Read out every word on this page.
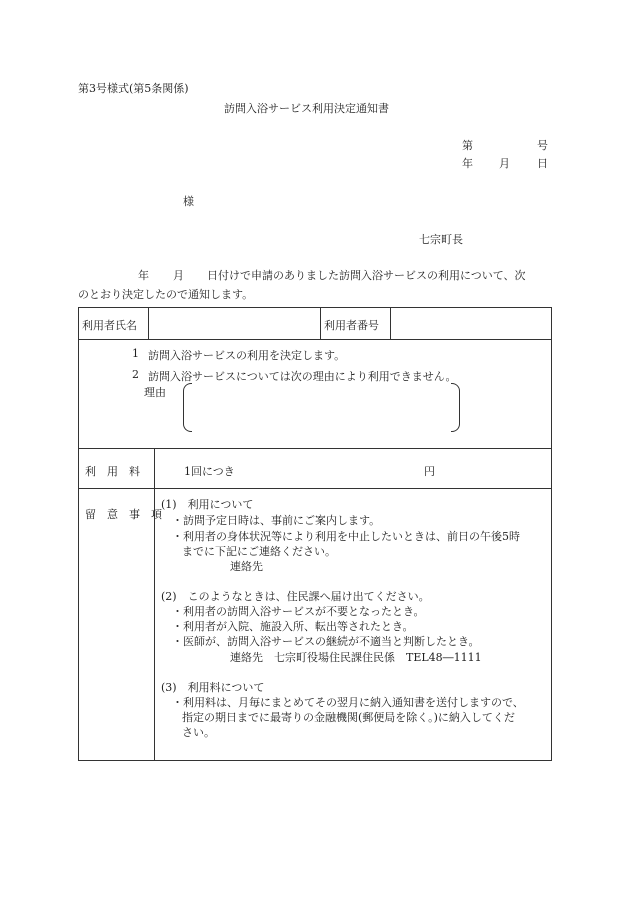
第3号様式(第5条関係)
訪問入浴サービス利用決定通知書
第	号
年 月 日
様
七宗町長
年 月 日付けで申請のありました訪問入浴サービスの利用について、次
のとおり決定したので通知します。
利用者氏名	利用者番号
1 訪問入浴サービスの利用を決定します。
2 訪問入浴サービスについては次の理由により利用できません。
理由
利　用　料	1回につき	円
留　意　事　項
(1)　利用について
・訪問予定日時は、事前にご案内します。
・利用者の身体状況等により利用を中止したいときは、前日の午後5時
までに下記にご連絡ください。
連絡先
(2)　このようなときは、住民課へ届け出てください。
・利用者の訪問入浴サービスが不要となったとき。
・利用者が入院、施設入所、転出等されたとき。
・医師が、訪問入浴サービスの継続が不適当と判断したとき。
連絡先　七宗町役場住民課住民係　TEL48―1111
(3)　利用料について
・利用料は、月毎にまとめてその翌月に納入通知書を送付しますので、
指定の期日までに最寄りの金融機関(郵便局を除く。)に納入してくだ
さい。
